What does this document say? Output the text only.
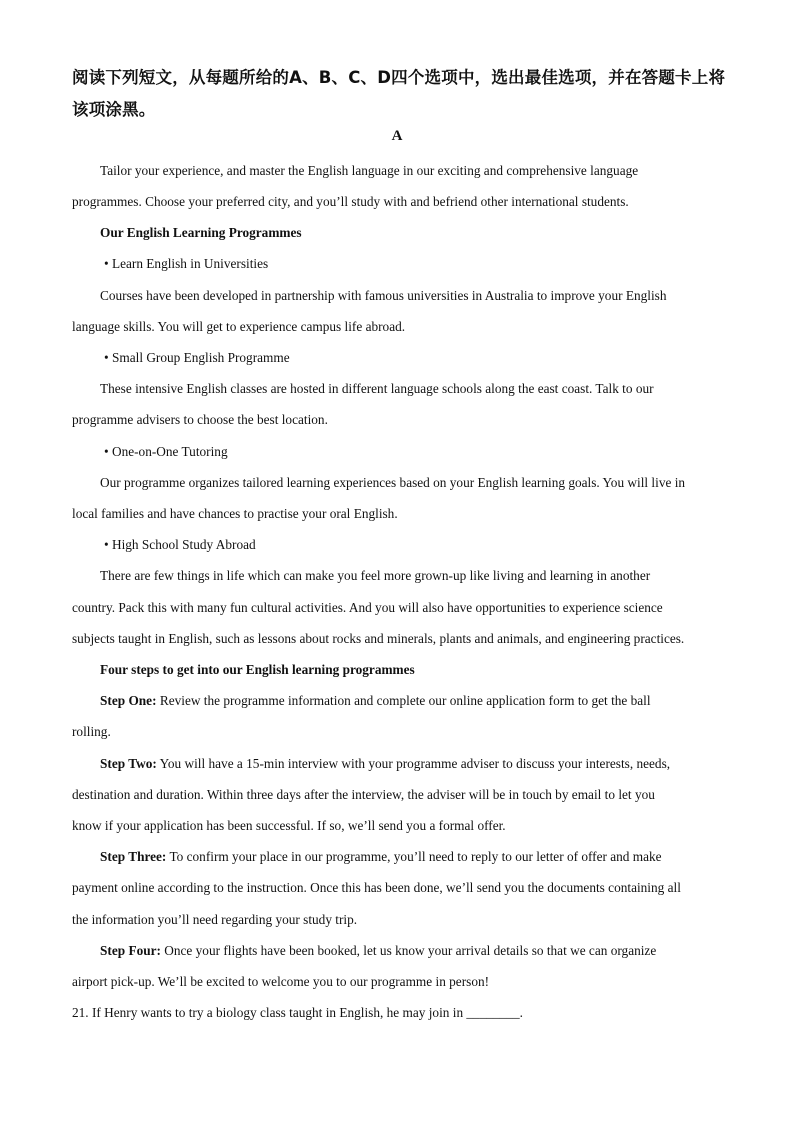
阅读下列短文，从每题所给的A、B、C、D四个选项中，选出最佳选项，并在答题卡上将该项涂黑。
A
Tailor your experience, and master the English language in our exciting and comprehensive language
programmes. Choose your preferred city, and you’ll study with and befriend other international students.
Our English Learning Programmes
• Learn English in Universities
Courses have been developed in partnership with famous universities in Australia to improve your English
language skills. You will get to experience campus life abroad.
• Small Group English Programme
These intensive English classes are hosted in different language schools along the east coast. Talk to our
programme advisers to choose the best location.
• One-on-One Tutoring
Our programme organizes tailored learning experiences based on your English learning goals. You will live in
local families and have chances to practise your oral English.
• High School Study Abroad
There are few things in life which can make you feel more grown-up like living and learning in another
country. Pack this with many fun cultural activities. And you will also have opportunities to experience science
subjects taught in English, such as lessons about rocks and minerals, plants and animals, and engineering practices.
Four steps to get into our English learning programmes
Step One: Review the programme information and complete our online application form to get the ball
rolling.
Step Two: You will have a 15-min interview with your programme adviser to discuss your interests, needs,
destination and duration. Within three days after the interview, the adviser will be in touch by email to let you
know if your application has been successful. If so, we’ll send you a formal offer.
Step Three: To confirm your place in our programme, you’ll need to reply to our letter of offer and make
payment online according to the instruction. Once this has been done, we’ll send you the documents containing all
the information you’ll need regarding your study trip.
Step Four: Once your flights have been booked, let us know your arrival details so that we can organize
airport pick-up. We’ll be excited to welcome you to our programme in person!
21. If Henry wants to try a biology class taught in English, he may join in ________.
